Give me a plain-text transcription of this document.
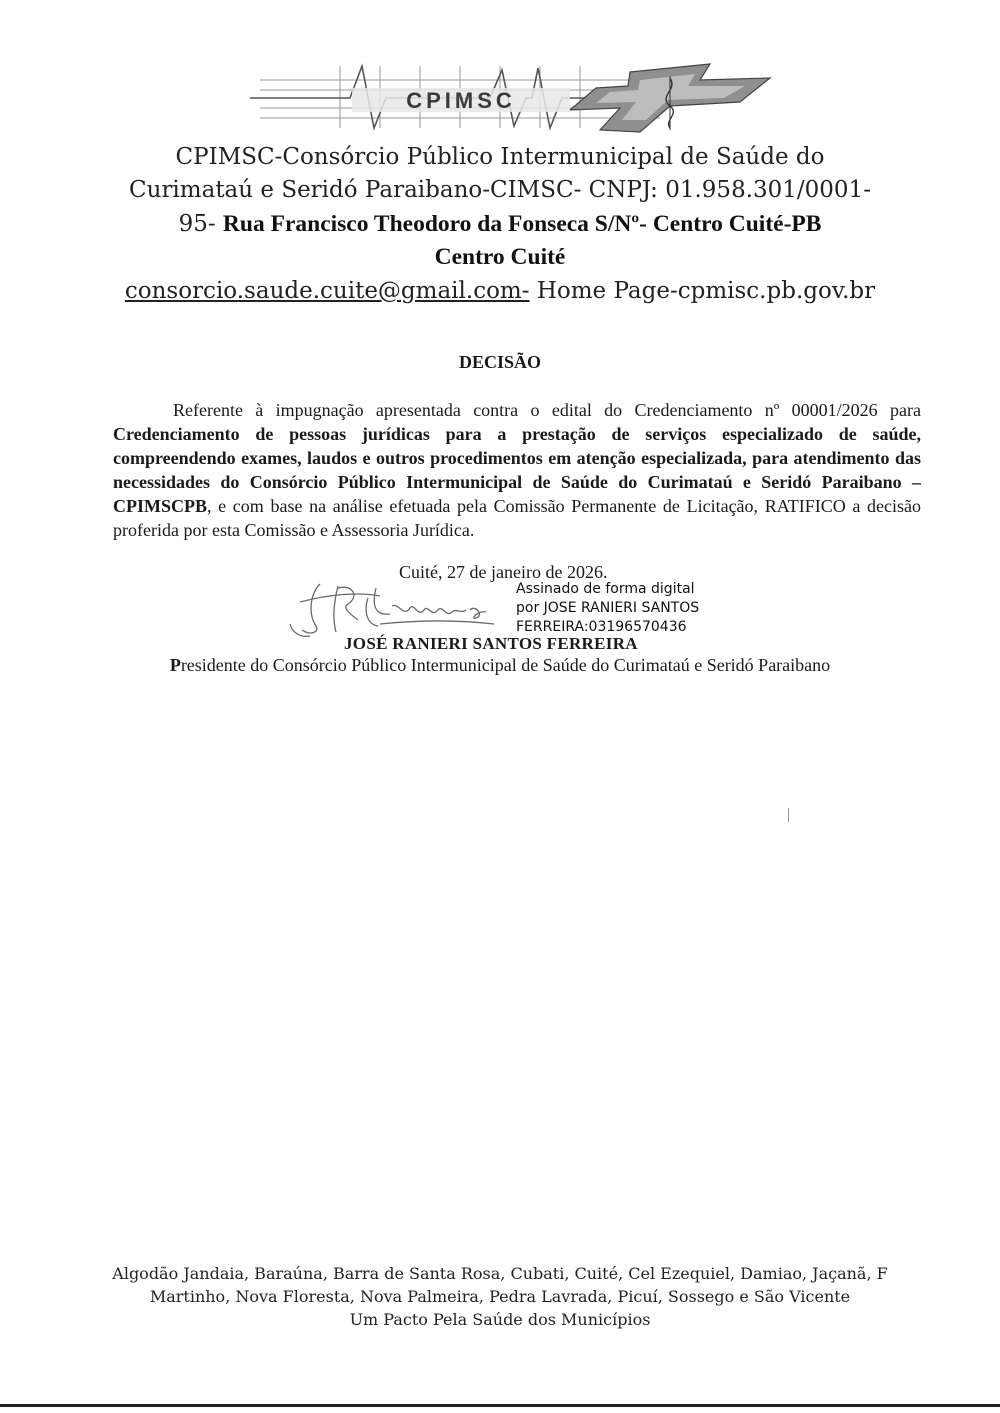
CPIMSC
CPIMSC-Consórcio Público Intermunicipal de Saúde do
Curimataú e Seridó Paraibano-CIMSC- CNPJ: 01.958.301/0001-
95- Rua Francisco Theodoro da Fonseca S/Nº- Centro Cuité-PB
Centro Cuité
consorcio.saude.cuite@gmail.com- Home Page-cpmisc.pb.gov.br
DECISÃO
Referente à impugnação apresentada contra o edital do Credenciamento nº 00001/2026 para Credenciamento de pessoas jurídicas para a prestação de serviços especializado de saúde, compreendendo exames, laudos e outros procedimentos em atenção especializada, para atendimento das necessidades do Consórcio Público Intermunicipal de Saúde do Curimataú e Seridó Paraibano – CPIMSCPB, e com base na análise efetuada pela Comissão Permanente de Licitação, RATIFICO a decisão proferida por esta Comissão e Assessoria Jurídica.
Cuité, 27 de janeiro de 2026.
Assinado de forma digital
por JOSE RANIERI SANTOS
FERREIRA:03196570436
JOSÉ RANIERI SANTOS FERREIRA
Presidente do Consórcio Público Intermunicipal de Saúde do Curimataú e Seridó Paraibano
Algodão Jandaia, Baraúna, Barra de Santa Rosa, Cubati, Cuité, Cel Ezequiel, Damiao, Jaçanã, F
Martinho, Nova Floresta, Nova Palmeira, Pedra Lavrada, Picuí, Sossego e São Vicente
Um Pacto Pela Saúde dos Municípios
